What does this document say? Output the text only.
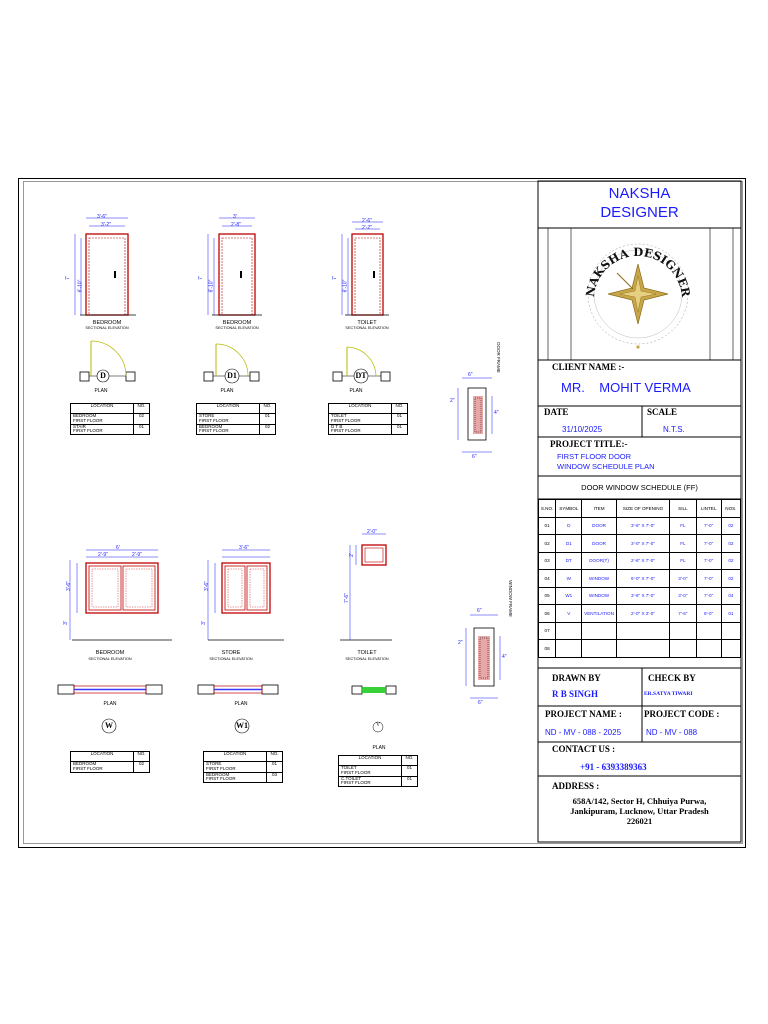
NAKSHA DESIGNER
3'-6"
3'-2"
7'
6'-10"
3'
2'-8"
7'
6'-10"
2'-6"
2'-2"
7'
6'-10"
BEDROOM
SECTIONAL ELEVATION
BEDROOM
SECTIONAL ELEVATION
TOILET
SECTIONAL ELEVATION
D	D1	DT
PLAN	PLAN	PLAN
LOCATION	NO.
BEDROOM
FIRST FLOOR	02
STAIR
FIRST FLOOR	01
LOCATION	NO.
STORE
FIRST FLOOR	01
BEDROOM
FIRST FLOOR	02
LOCATION	NO.
TOILET
FIRST FLOOR	01
D T B
FIRST FLOOR	01
DOOR FRAME
6"
2"
4"
6"
6'
2'-9"	2'-9"
3'-6"
3'
3'-6"
3'-6"
3'
2'-0"
2'
7'-6"
BEDROOM
SECTIONAL ELEVATION
STORE
SECTIONAL ELEVATION
TOILET
SECTIONAL ELEVATION
PLAN	PLAN
PLAN
W	W1	V
LOCATION	NO.
BEDROOM
FIRST FLOOR	02
LOCATION	NO.
STORE
FIRST FLOOR	01
BEDROOM
FIRST FLOOR	03
LOCATION	NO.
TOILET
FIRST FLOOR	01
C.TOILET
FIRST FLOOR	01
WINDOW FRAME
6"
2"
4"
6"
NAKSHA
DESIGNER
CLIENT NAME :-
MR.    MOHIT VERMA
DATE
31/10/2025
SCALE
N.T.S.
PROJECT TITLE:-
FIRST FLOOR DOOR
WINDOW SCHEDULE PLAN
DOOR WINDOW SCHEDULE (FF)
S.NO.	SYMBOL	ITEM	SIZE OF OPENING	SILL	LINTEL	NOS.
01	D	DOOR	3'-6" X 7'-0"	FL	7'-0"	02
02	D1	DOOR	3'-0" X 7'-0"	FL	7'-0"	02
03	DT	DOOR(T)	2'-6" X 7'-0"	FL	7'-0"	02
04	W	WINDOW	6'-0" X 7'-0"	3'-0"	7'-0"	02
05	W1	WINDOW	3'-6" X 7'-0"	3'-0"	7'-0"	04
06	V	VENTILATION	2'-0" X 2'-0"	7'-6"	9'-0"	01
07						
08						
DRAWN BY
R B SINGH
CHECK BY
ER.SATYA TIWARI
PROJECT NAME :
ND - MV - 088 - 2025
PROJECT CODE :
ND - MV - 088
CONTACT US :
+91 - 6393389363
ADDRESS :
658A/142, Sector H, Chhuiya Purwa,
Jankipuram, Lucknow, Uttar Pradesh
226021
